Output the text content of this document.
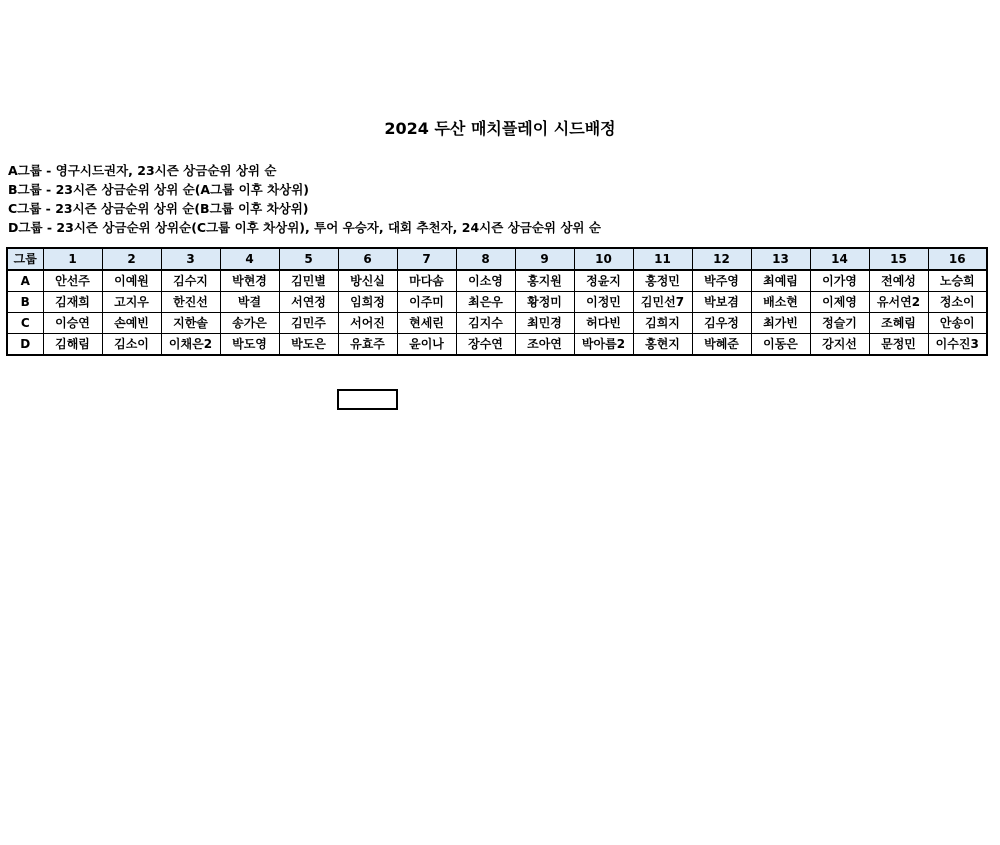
2024 두산 매치플레이 시드배정
A그룹 - 영구시드권자, 23시즌 상금순위 상위 순
B그룹 - 23시즌 상금순위 상위 순(A그룹 이후 차상위)
C그룹 - 23시즌 상금순위 상위 순(B그룹 이후 차상위)
D그룹 - 23시즌 상금순위 상위순(C그룹 이후 차상위), 투어 우승자, 대회 추천자, 24시즌 상금순위 상위 순
그룹	1	2	3	4	5	6	7	8	9	10	11	12	13	14	15	16
A	안선주	이예원	김수지	박현경	김민별	방신실	마다솜	이소영	홍지원	정윤지	홍정민	박주영	최예림	이가영	전예성	노승희
B	김재희	고지우	한진선	박결	서연정	임희정	이주미	최은우	황정미	이정민	김민선7	박보겸	배소현	이제영	유서연2	정소이
C	이승연	손예빈	지한솔	송가은	김민주	서어진	현세린	김지수	최민경	허다빈	김희지	김우정	최가빈	정슬기	조혜림	안송이
D	김해림	김소이	이채은2	박도영	박도은	유효주	윤이나	장수연	조아연	박아름2	홍현지	박혜준	이동은	강지선	문정민	이수진3
